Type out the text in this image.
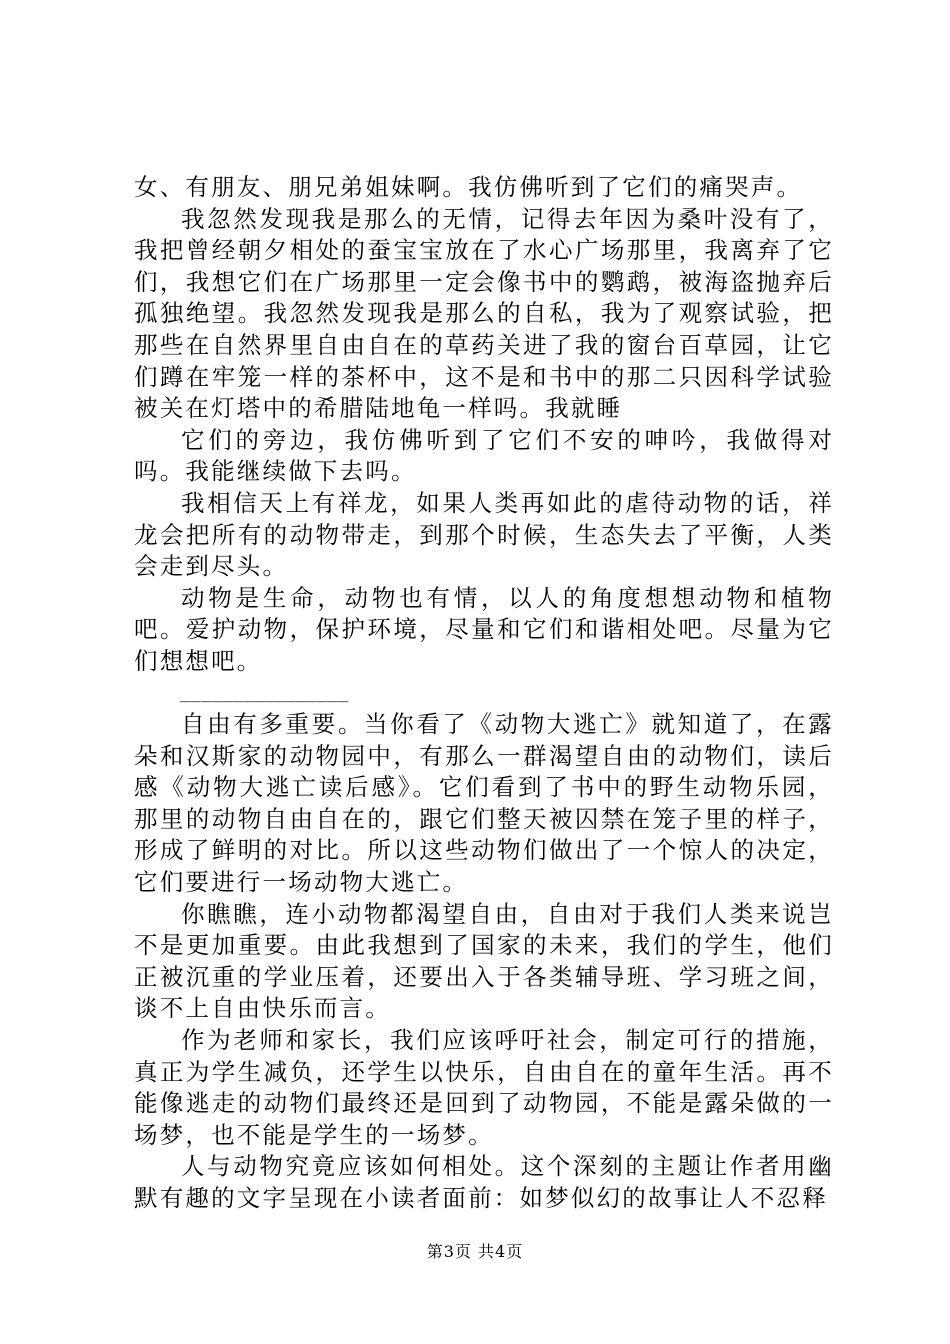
女、有朋友、朋兄弟姐妹啊。我仿佛听到了它们的痛哭声。

我忽然发现我是那么的无情，记得去年因为桑叶没有了，我把曾经朝夕相处的蚕宝宝放在了水心广场那里，我离弃了它们，我想它们在广场那里一定会像书中的鹦鹉，被海盗抛弃后孤独绝望。我忽然发现我是那么的自私，我为了观察试验，把那些在自然界里自由自在的草药关进了我的窗台百草园，让它们蹲在牢笼一样的茶杯中，这不是和书中的那二只因科学试验被关在灯塔中的希腊陆地龟一样吗。我就睡

它们的旁边，我仿佛听到了它们不安的呻吟，我做得对吗。我能继续做下去吗。

我相信天上有祥龙，如果人类再如此的虐待动物的话，祥龙会把所有的动物带走，到那个时候，生态失去了平衡，人类会走到尽头。

动物是生命，动物也有情，以人的角度想想动物和植物吧。爱护动物，保护环境，尽量和它们和谐相处吧。尽量为它们想想吧。

________________

自由有多重要。当你看了《动物大逃亡》就知道了，在露朵和汉斯家的动物园中，有那么一群渴望自由的动物们，读后感《动物大逃亡读后感》。它们看到了书中的野生动物乐园，那里的动物自由自在的，跟它们整天被囚禁在笼子里的样子，形成了鲜明的对比。所以这些动物们做出了一个惊人的决定，它们要进行一场动物大逃亡。

你瞧瞧，连小动物都渴望自由，自由对于我们人类来说岂不是更加重要。由此我想到了国家的未来，我们的学生，他们正被沉重的学业压着，还要出入于各类辅导班、学习班之间，谈不上自由快乐而言。

作为老师和家长，我们应该呼吁社会，制定可行的措施，真正为学生减负，还学生以快乐，自由自在的童年生活。再不能像逃走的动物们最终还是回到了动物园，不能是露朵做的一场梦，也不能是学生的一场梦。

人与动物究竟应该如何相处。这个深刻的主题让作者用幽默有趣的文字呈现在小读者面前：如梦似幻的故事让人不忍释

第3页 共4页
